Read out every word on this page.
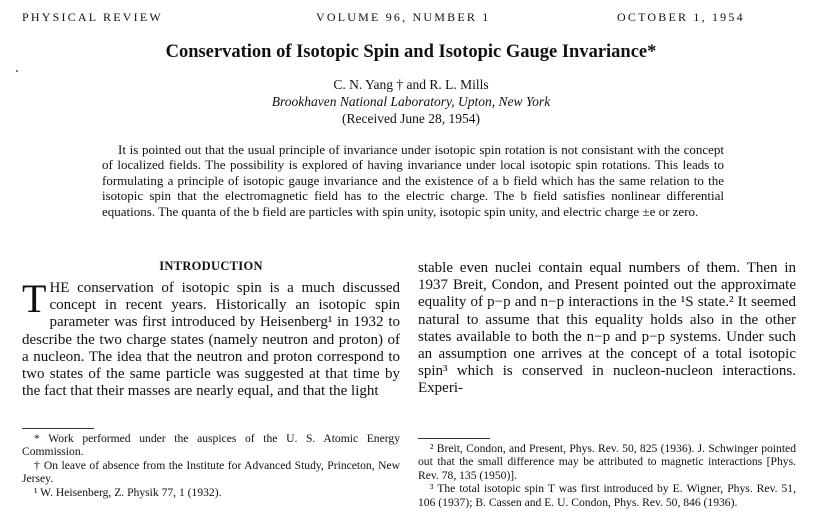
PHYSICAL REVIEW	VOLUME 96, NUMBER 1	OCTOBER 1, 1954
Conservation of Isotopic Spin and Isotopic Gauge Invariance*
C. N. Yang † and R. L. Mills
Brookhaven National Laboratory, Upton, New York
(Received June 28, 1954)
It is pointed out that the usual principle of invariance under isotopic spin rotation is not consistant with the concept of localized fields. The possibility is explored of having invariance under local isotopic spin rotations. This leads to formulating a principle of isotopic gauge invariance and the existence of a b field which has the same relation to the isotopic spin that the electromagnetic field has to the electric charge. The b field satisfies nonlinear differential equations. The quanta of the b field are particles with spin unity, isotopic spin unity, and electric charge ±e or zero.
INTRODUCTION
THE conservation of isotopic spin is a much discussed concept in recent years. Historically an isotopic spin parameter was first introduced by Heisenberg¹ in 1932 to describe the two charge states (namely neutron and proton) of a nucleon. The idea that the neutron and proton correspond to two states of the same particle was suggested at that time by the fact that their masses are nearly equal, and that the light
stable even nuclei contain equal numbers of them. Then in 1937 Breit, Condon, and Present pointed out the approximate equality of p−p and n−p interactions in the ¹S state.² It seemed natural to assume that this equality holds also in the other states available to both the n−p and p−p systems. Under such an assumption one arrives at the concept of a total isotopic spin³ which is conserved in nucleon-nucleon interactions. Experi-

* Work performed under the auspices of the U. S. Atomic Energy Commission.

† On leave of absence from the Institute for Advanced Study, Princeton, New Jersey.

¹ W. Heisenberg, Z. Physik 77, 1 (1932).

² Breit, Condon, and Present, Phys. Rev. 50, 825 (1936). J. Schwinger pointed out that the small difference may be attributed to magnetic interactions [Phys. Rev. 78, 135 (1950)].

³ The total isotopic spin T was first introduced by E. Wigner, Phys. Rev. 51, 106 (1937); B. Cassen and E. U. Condon, Phys. Rev. 50, 846 (1936).
